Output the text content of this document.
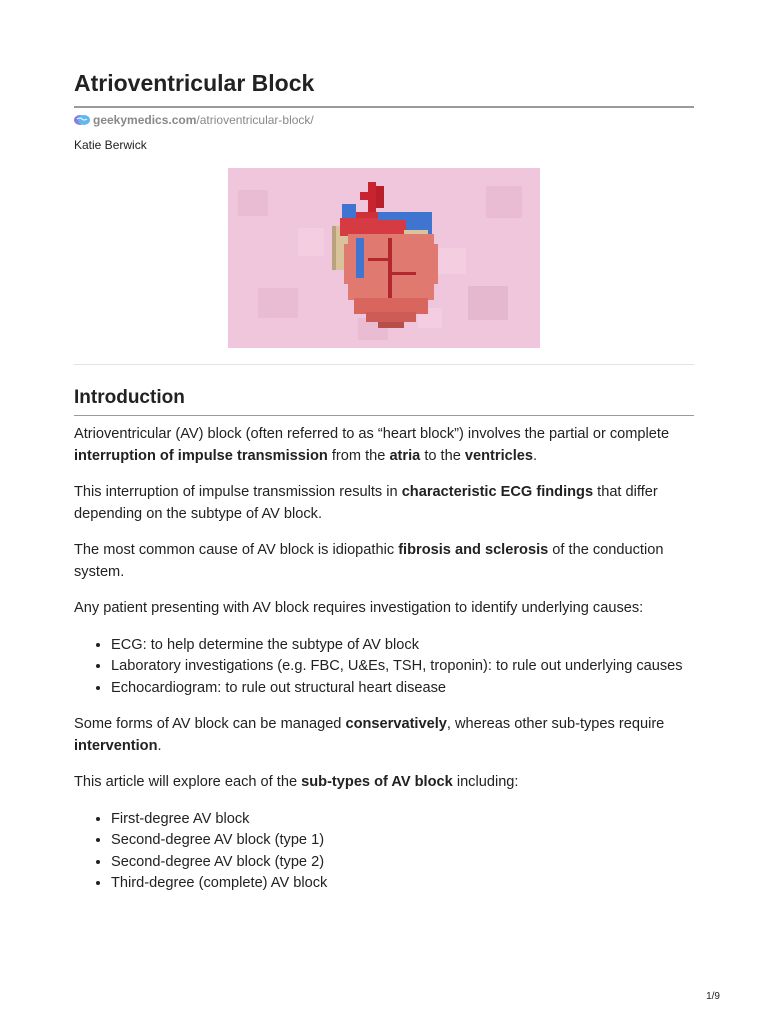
Atrioventricular Block
geekymedics.com /atrioventricular-block/
Katie Berwick
Introduction

Atrioventricular (AV) block (often referred to as “heart block”) involves the partial or complete interruption of impulse transmission from the atria to the ventricles.

This interruption of impulse transmission results in characteristic ECG findings that differ depending on the subtype of AV block.

The most common cause of AV block is idiopathic fibrosis and sclerosis of the conduction system.

Any patient presenting with AV block requires investigation to identify underlying causes:

• ECG: to help determine the subtype of AV block
• Laboratory investigations (e.g. FBC, U&Es, TSH, troponin): to rule out underlying causes
• Echocardiogram: to rule out structural heart disease

Some forms of AV block can be managed conservatively, whereas other sub-types require intervention.

This article will explore each of the sub-types of AV block including:

• First-degree AV block
• Second-degree AV block (type 1)
• Second-degree AV block (type 2)
• Third-degree (complete) AV block
1/9
